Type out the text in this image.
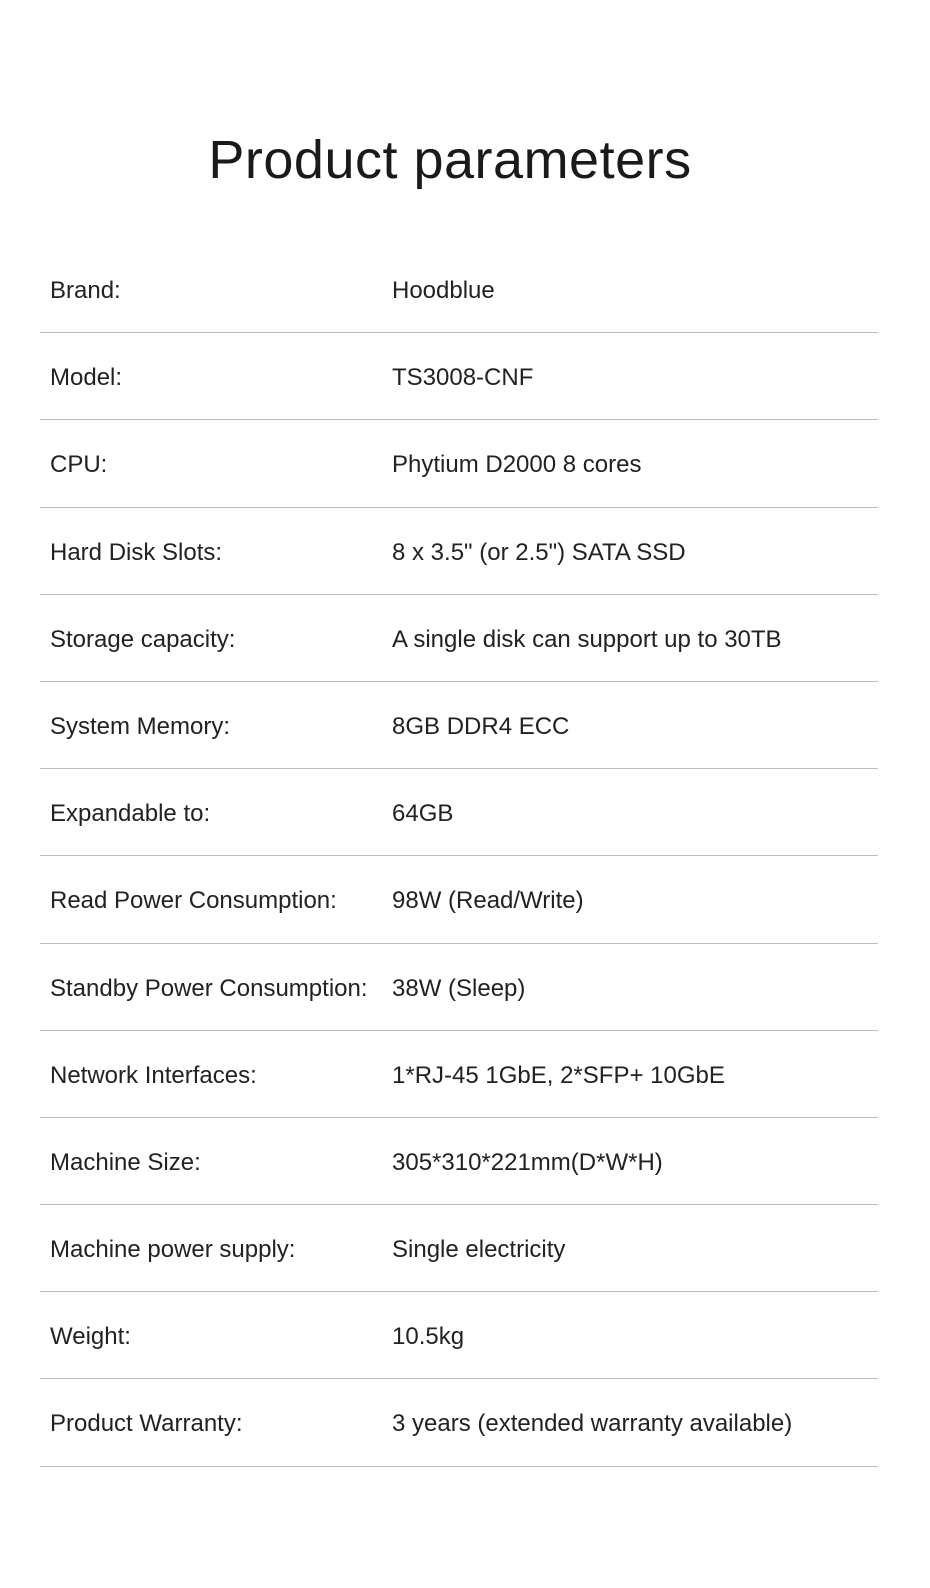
Product parameters
Brand:	Hoodblue
Model:	TS3008-CNF
CPU:	Phytium D2000 8 cores
Hard Disk Slots:	8 x 3.5" (or 2.5") SATA SSD
Storage capacity:	A single disk can support up to 30TB
System Memory:	8GB DDR4 ECC
Expandable to:	64GB
Read Power Consumption: 98W (Read/Write)
Standby Power Consumption: 38W (Sleep)
Network Interfaces:	1*RJ-45 1GbE, 2*SFP+ 10GbE
Machine Size:	305*310*221mm(D*W*H)
Machine power supply:	Single electricity
Weight:	10.5kg
Product Warranty:	3 years (extended warranty available)
